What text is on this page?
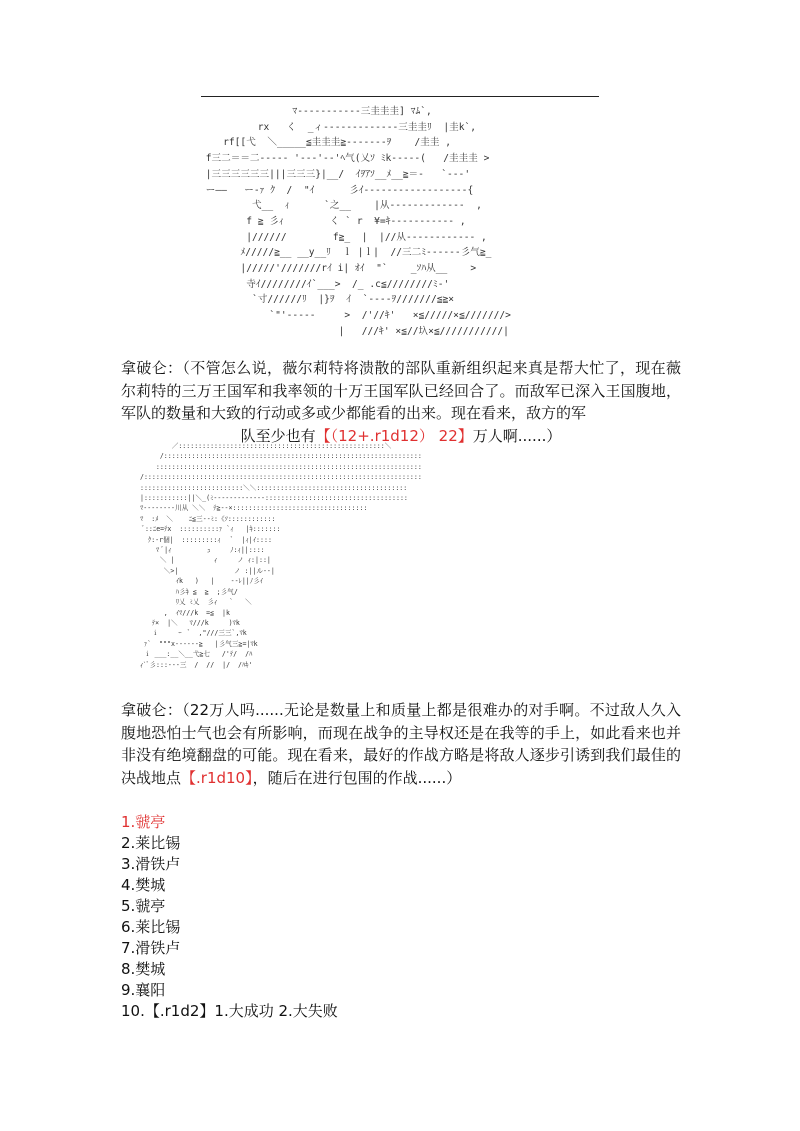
ﾏ-----------三圭圭圭] ﾏﾑ`,
rx   く  _ィ-------------三圭圭ﾘ  |圭k`,
rf[[弋  ＼_____≦圭圭圭≧-------ｦ    /圭圭 ,
f三二＝＝二----- '---'--'ﾍ气(乂ｿ ﾐk-----(   /圭圭圭 >
|三三三三三三|||三三三}|__/  ｲｦｱｿ__ﾒ__≧＝-   `---'
ー――   ー-ｧ ｸ  /  "ｲ      彡ｲ------------------{
弋__  ｨ      `之__    |从-------------  ,
f ≧ 彡ｨ        く ` r  ¥=ｷ----------- ,
|//////        f≧_  |  |//从------------ ,
ﾒ/////≧__ __y__ﾘ  ｌ |ｌ|  //三二ﾐ------彡气≧_
|/////'///////rｲ i| ｵｲ  "`    _ｿﾊ从__    >
寺ｲ////////ｲ`___>  /_ .c≦////////ﾐ-'
`寸//////ﾘ  |}ｦ  ｲ  `----ｦ///////≦≧×
`"'-----     >  /'//ｷ'   ×≦/////×≦///////>
|   ///ｷ' ×≦//圦×≦///////////|

拿破仑：（不管怎么说，薇尔莉特将溃散的部队重新组织起来真是帮大忙了，现在薇尔莉特的三万王国军和我率领的十万王国军队已经回合了。而敌军已深入王国腹地，军队的数量和大致的行动或多或少都能看的出来。现在看来，敌方的军
队至少也有【（12+.r1d12） 22】万人啊......）

／::::::::::::::::::::::::::::::::::::::::::::::::::::＼
/:::::::::::::::::::::::::::::::::::::::::::::::::::::::::::::::::
:::::::::::::::::::::::::::::::::::::::::::::::::::::::::::::::::::
/::::::::::::::::::::::::::::::::::::::::::::::::::::::::::::::::::::::
::::::::::::::::::::::::::＼＼::::::::::::::::::::::::::::::::::::::
|:::::::::::||＼_(ﾐ-------------::::::::::::::::::::::::::::::::::::
ﾏ--------川从 ＼＼  ﾃ≧--×::::::::::::::::::::::::::::::::::
ﾏ  :ﾒ  ＼    ﾆ≦三--ﾐ:《ｿ::::::::::::
ﾞ::ﾆe=ﾃx  ::::::::::ｧ `ｨ   |ｷ:::::::
ｸ:-r個|  :::::::::ｨ   ﾞ  |ｨ|ｲ::::
ﾏ ﾞ|ｨ         ｭ     ﾉ:ｨ||::::
＼ |          ｨ     ノ ｨ:|::|
＼>|              ノ :||ル--|
ｲk   )   |    --ﾚ||ﾉ彡ｲ
ﾊ彡ｷ ≦  ≧  ;彡气/
ﾘ乂 ﾐ乂  彡ｨ   `   ＼
,  ｲﾏ///k  =≦  |k
ﾃ×  |＼   ﾏ///k     )ﾏk
ｉ     ｰ  ﾞ  ,"///三三`,ﾏk
ｧ`  """x------≧   |彡气三≧=|ﾏk
ｉ ___:__＼__弋≧七   /'ﾃ/  /ﾊ
ｨ`ﾞ彡:::---三  /  //  |/  /ﾊｷ'

拿破仑：（22万人吗......无论是数量上和质量上都是很难办的对手啊。不过敌人久入腹地恐怕士气也会有所影响，而现在战争的主导权还是在我等的手上，如此看来也并非没有绝境翻盘的可能。现在看来，最好的作战方略是将敌人逐步引诱到我们最佳的决战地点【.r1d10】，随后在进行包围的作战......）

1.虢亭
2.莱比锡
3.滑铁卢
4.樊城
5.虢亭
6.莱比锡
7.滑铁卢
8.樊城
9.襄阳
10.【.r1d2】1.大成功 2.大失败
